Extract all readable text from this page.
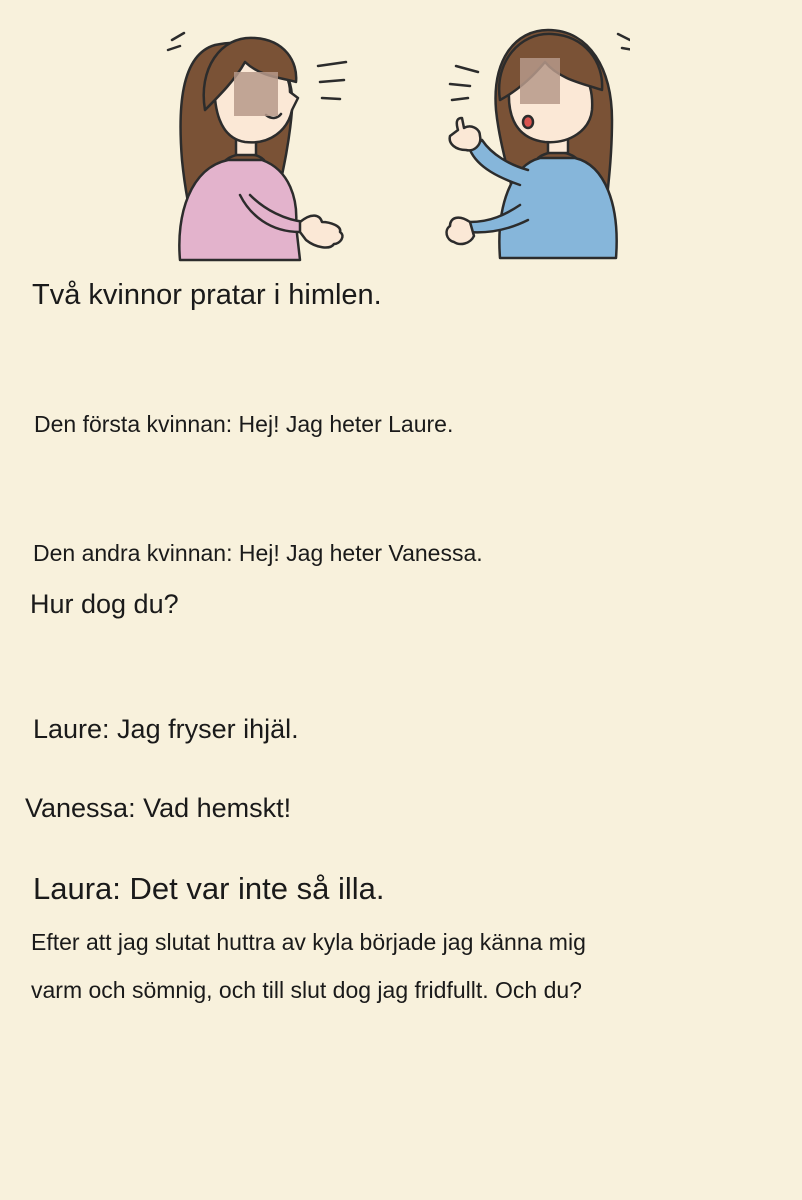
Två kvinnor pratar i himlen.

Den första kvinnan: Hej! Jag heter Laure.

Den andra kvinnan: Hej! Jag heter Vanessa.

Hur dog du?

Laure: Jag fryser ihjäl.

Vanessa: Vad hemskt!

Laura: Det var inte så illa.

Efter att jag slutat huttra av kyla började jag känna mig

varm och sömnig, och till slut dog jag fridfullt. Och du?
